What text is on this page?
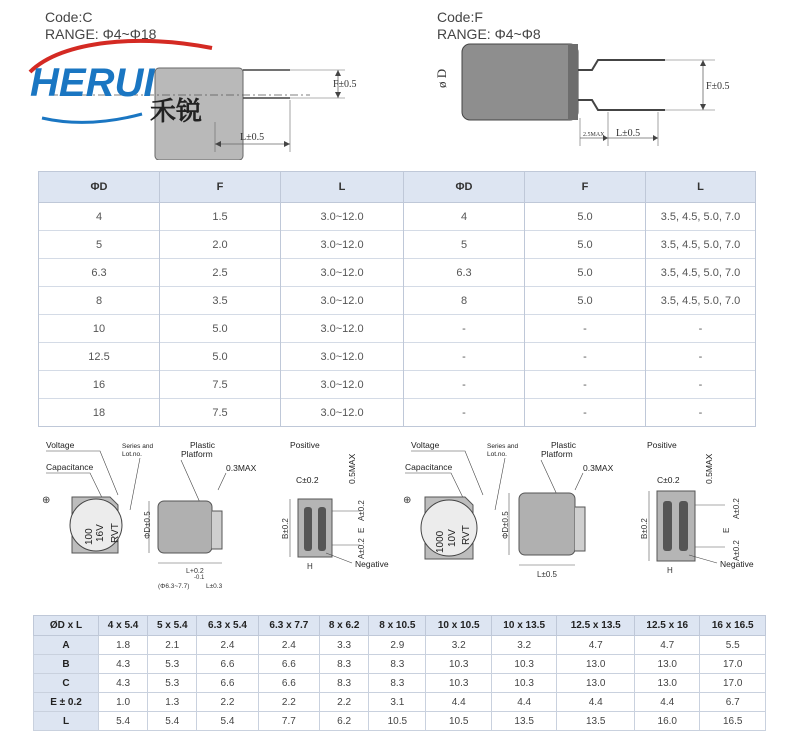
Code:C
RANGE: Φ4~Φ18
F±0.5
L±0.5
HERUI
禾锐
Code:F
RANGE: Φ4~Φ8
ø D	F±0.5
2.5MAX L±0.5
ΦD	F	L	ΦD	F	L
4	1.5	3.0~12.0	4	5.0	3.5, 4.5, 5.0, 7.0
5	2.0	3.0~12.0	5	5.0	3.5, 4.5, 5.0, 7.0
6.3	2.5	3.0~12.0	6.3	5.0	3.5, 4.5, 5.0, 7.0
8	3.5	3.0~12.0	8	5.0	3.5, 4.5, 5.0, 7.0
10	5.0	3.0~12.0	-	-	-
12.5	5.0	3.0~12.0	-	-	-
16	7.5	3.0~12.0	-	-	-
18	7.5	3.0~12.0	-	-	-
Voltage
Capacitance
Series and
Lot.no.
Plastic
Platform
0.3MAX
Positive
C±0.2	0.5MAX
Negative
⊕
100 16V RVT	ΦD±0.5
L+0.2
-0.1
(Φ6.3~7.7)	L±0.3
B±0.2
A±0.2
E
A±0.2
H
Voltage
Capacitance
Series and
Lot.no.
Plastic
Platform
0.3MAX
Positive
C±0.2	0.5MAX
Negative
⊕
1000 10V RVT	ΦD±0.5
L±0.5
B±0.2
A±0.2
E
A±0.2
H
ØD x L	4 x 5.4	5 x 5.4	6.3 x 5.4	6.3 x 7.7	8 x 6.2	8 x 10.5	10 x 10.5	10 x 13.5	12.5 x 13.5	12.5 x 16	16 x 16.5
A	1.8	2.1	2.4	2.4	3.3	2.9	3.2	3.2	4.7	4.7	5.5
B	4.3	5.3	6.6	6.6	8.3	8.3	10.3	10.3	13.0	13.0	17.0
C	4.3	5.3	6.6	6.6	8.3	8.3	10.3	10.3	13.0	13.0	17.0
E ± 0.2	1.0	1.3	2.2	2.2	2.2	3.1	4.4	4.4	4.4	4.4	6.7
L	5.4	5.4	5.4	7.7	6.2	10.5	10.5	13.5	13.5	16.0	16.5
